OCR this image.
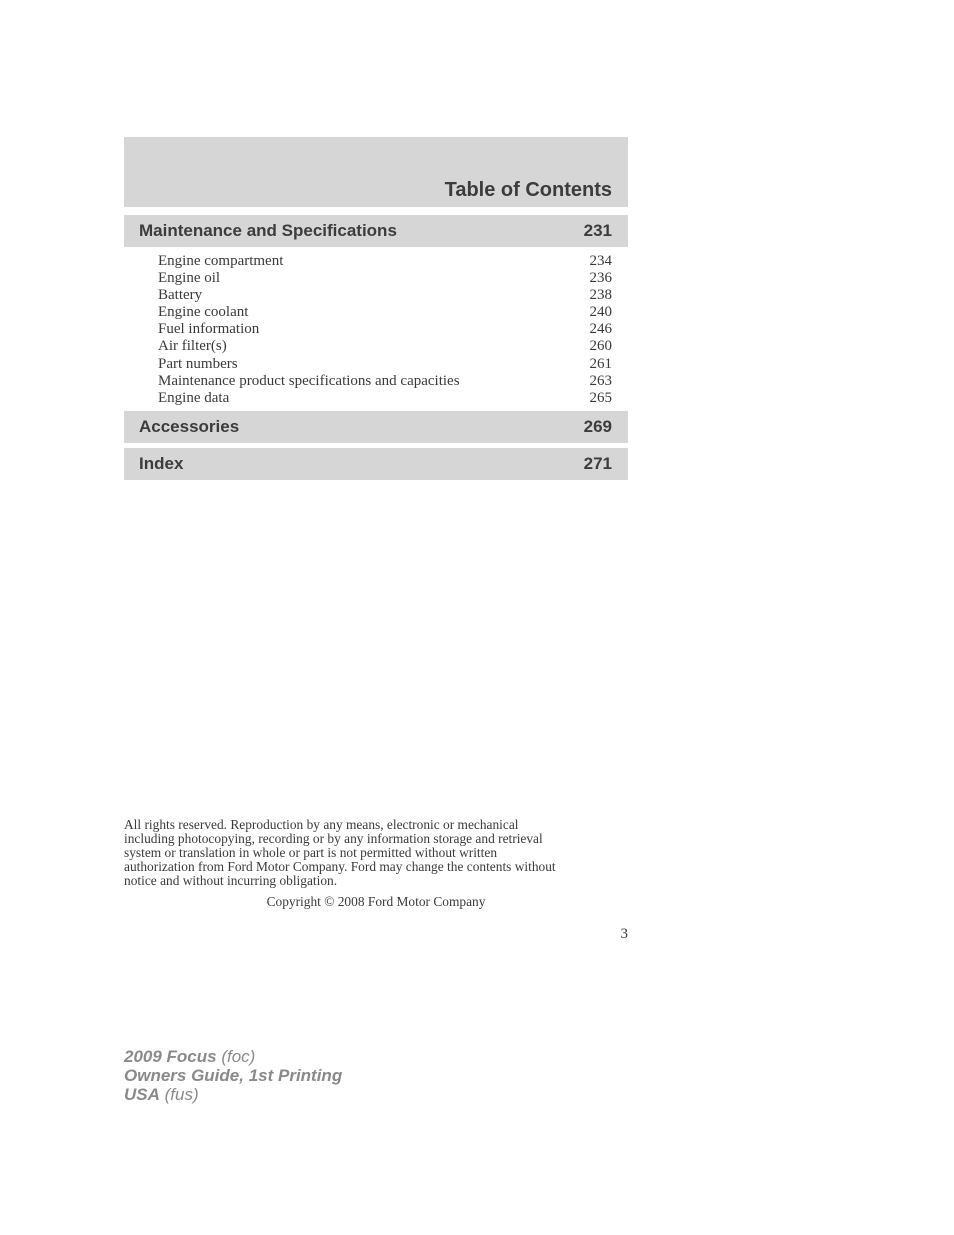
Table of Contents
Maintenance and Specifications	231
Engine compartment	234
Engine oil	236
Battery	238
Engine coolant	240
Fuel information	246
Air filter(s)	260
Part numbers	261
Maintenance product specifications and capacities	263
Engine data	265
Accessories	269
Index	271
All rights reserved. Reproduction by any means, electronic or mechanical
including photocopying, recording or by any information storage and retrieval
system or translation in whole or part is not permitted without written
authorization from Ford Motor Company. Ford may change the contents without
notice and without incurring obligation.
Copyright © 2008 Ford Motor Company
3
2009 Focus (foc)
Owners Guide, 1st Printing
USA (fus)
